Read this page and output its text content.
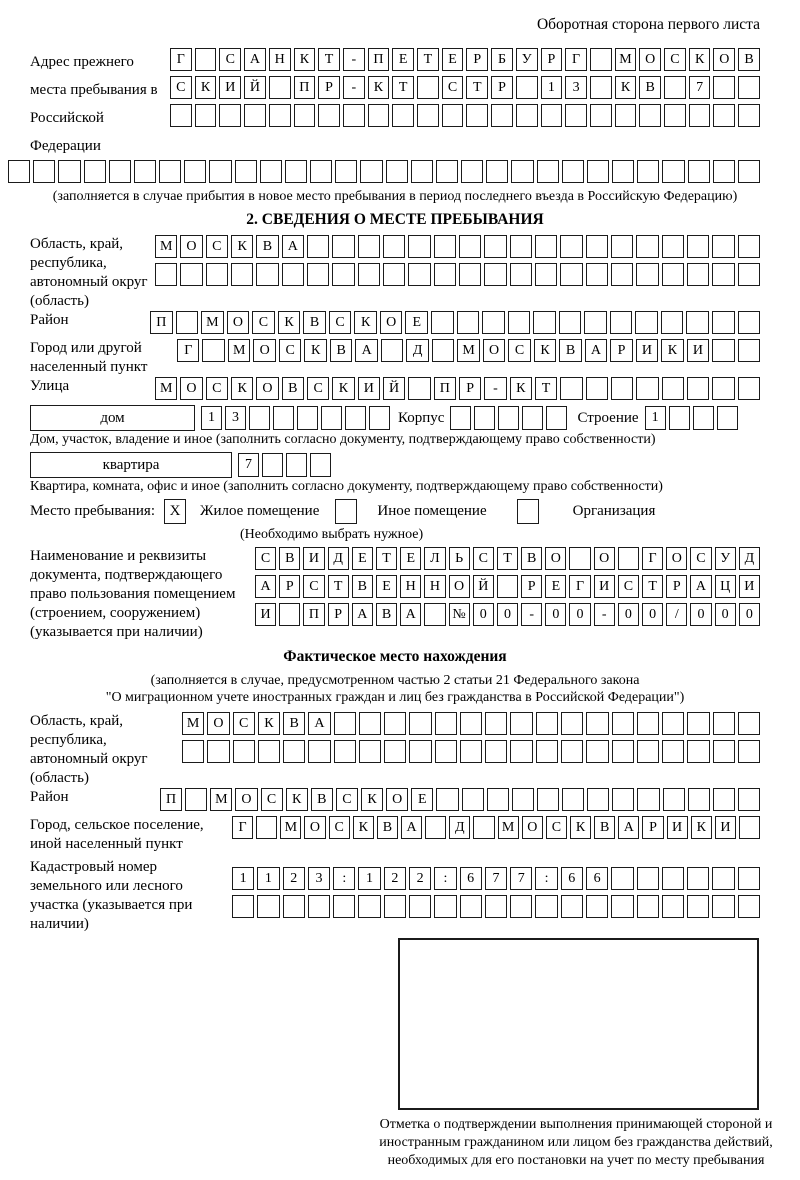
Оборотная сторона первого листа
Адрес прежнего места пребывания в Российской Федерации
Г	С	А	Н	К	Т	-	П	Е	Т	Е	Р	Б	У	Р	Г	М О	С	К	О	В
С	К	И	Й	П	Р	-	К	Т	С	Т	Р	1	3	К	В	7
(заполняется в случае прибытия в новое место пребывания в период последнего въезда в Российскую Федерацию)
2. СВЕДЕНИЯ О МЕСТЕ ПРЕБЫВАНИЯ
Область, край, республика, автономный округ (область)
М	О	С	К	В	А
Район	П	М	О	С	К	В	С	К	О	Е
Город или другой населенный пункт
Г	М	О	С	К	В	А	Д	М	О	С	К	В	А	Р	И	К	И
Улица	М	О	С	К	О	В	С	К	И	Й	П	Р	-	К	Т
дом	1	3	Корпус	Строение 1
Дом, участок, владение и иное (заполнить согласно документу, подтверждающему право собственности)
квартира	7
Квартира, комната, офис и иное (заполнить согласно документу, подтверждающему право собственности)
Место пребывания: X	Жилое помещение	Иное помещение	Организация
(Необходимо выбрать нужное)
Наименование и реквизиты документа, подтверждающего право пользования помещением (строением, сооружением) (указывается при наличии)
С	В	И	Д	Е	Т	Е	Л	Ь	С	Т	В	О	О	Г	О	С	У	Д
А	Р	С	Т	В	Е	Н	Н	О	Й	Р	Е	Г	И	С	Т	Р	А	Ц	И
И	П	Р	А	В	А	№	0	0	-	0	0	-	0	0	/	0	0	0
Фактическое место нахождения
(заполняется в случае, предусмотренном частью 2 статьи 21 Федерального закона
"О миграционном учете иностранных граждан и лиц без гражданства в Российской Федерации")
Область, край, республика, автономный округ (область)
М О	С	К	В	А
Район	П	М О	С	К	В	С	К	О	Е
Город, сельское поселение, иной населенный пункт
Г	М О	С	К	В	А	Д	М О	С	К	В	А	Р	И	К	И
Кадастровый номер земельного или лесного участка (указывается при наличии)
1	1	2	3	:	1	2	2	:	6	7	7	:	6	6
Отметка о подтверждении выполнения принимающей стороной и иностранным гражданином или лицом без гражданства действий, необходимых для его постановки на учет по месту пребывания
